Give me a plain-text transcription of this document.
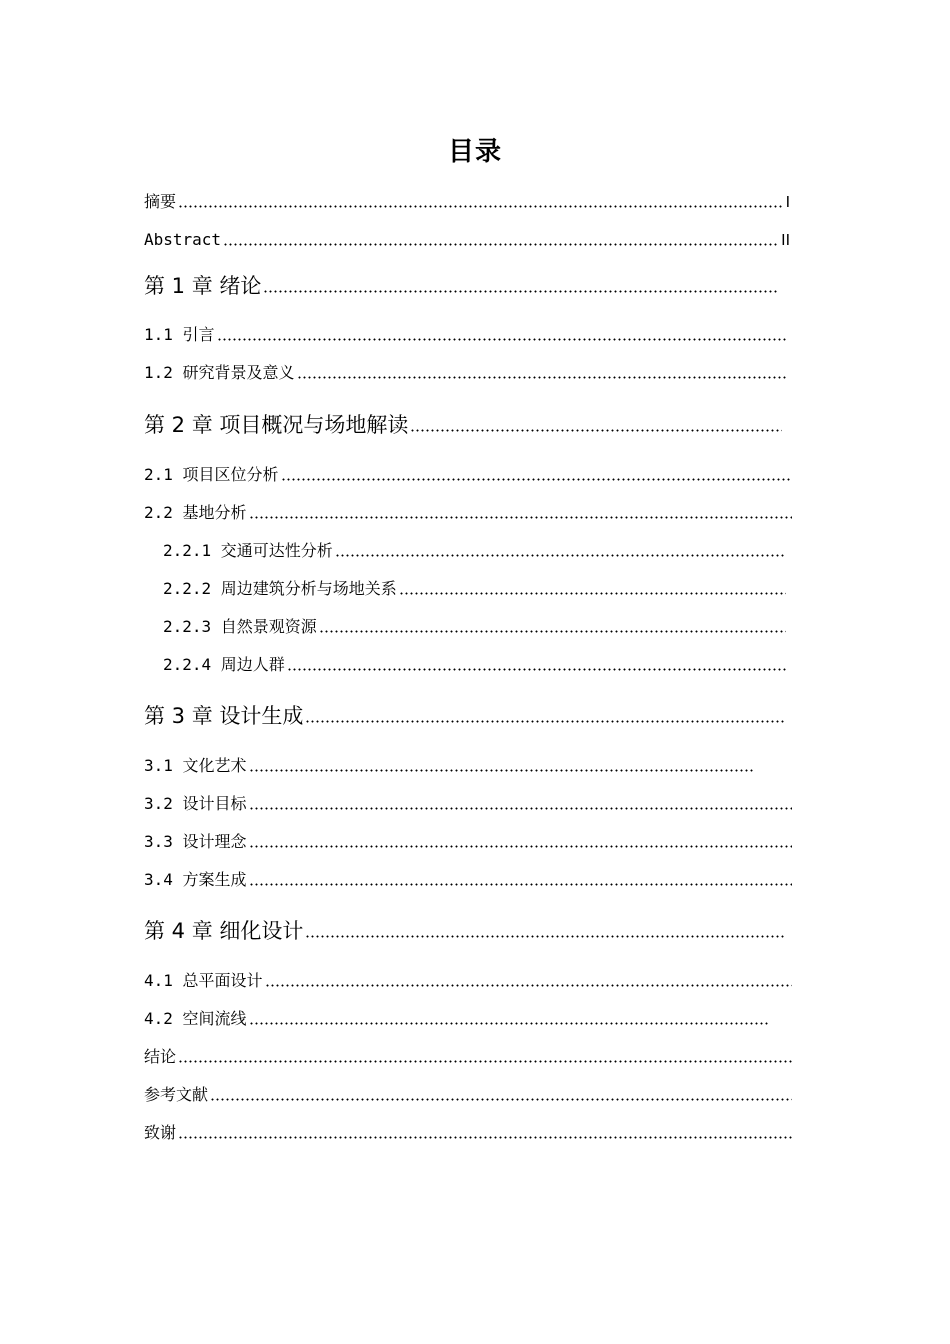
目录
摘要	I
Abstract	II
第 1 章 绪论
1.1 引言
1.2 研究背景及意义
第 2 章 项目概况与场地解读
2.1 项目区位分析
2.2 基地分析
2.2.1 交通可达性分析
2.2.2 周边建筑分析与场地关系
2.2.3 自然景观资源
2.2.4 周边人群
第 3 章 设计生成
3.1 文化艺术
3.2 设计目标
3.3 设计理念
3.4 方案生成
第 4 章 细化设计
4.1 总平面设计
4.2 空间流线
结论
参考文献
致谢
